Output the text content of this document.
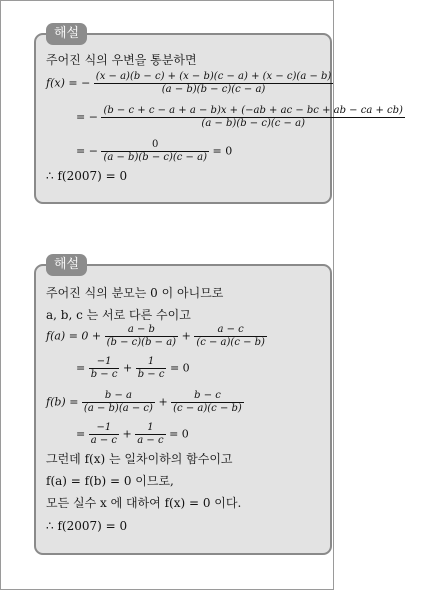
해설
주어진 식의 우변을 통분하면
f(x) = − $\frac{(x - a)(b - c) + (x - b)(c - a) + (x - c)(a - b)}{(a - b)(b - c)(c - a)}$
= − $\frac{(b - c + c - a + a - b)x + (-ab + ac - bc + ab - ca + cb)}{(a - b)(b - c)(c - a)}$
= − $\frac{0}{(a - b)(b - c)(c - a)} = 0$
∴ f(2007) = 0
해설
주어진 식의 분모는 0 이 아니므로
a, b, c 는 서로 다른 수이고
$f(a) = 0 + \frac{a - b}{(b - c)(b - a)} + \frac{a - c}{(c - a)(c - b)}$
= $\frac{-1}{b - c} + \frac{1}{b - c} = 0$
$f(b) = \frac{b - a}{(a - b)(a - c)} + \frac{b - c}{(c - a)(c - b)}$
= $\frac{-1}{a - c} + \frac{1}{a - c} = 0$
그런데 f(x) 는 일차이하의 함수이고
f(a) = f(b) = 0 이므로,
모든 실수 x 에 대하여 f(x) = 0 이다.
∴ f(2007) = 0
